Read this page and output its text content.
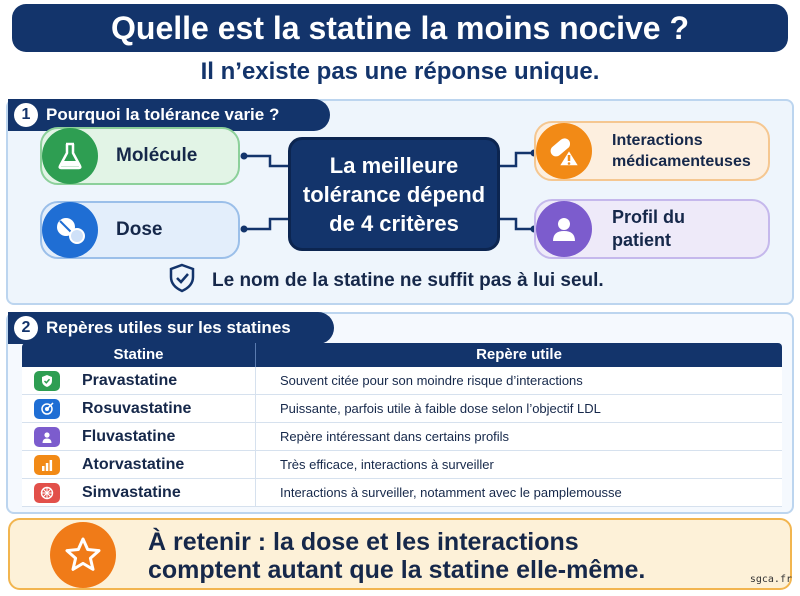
Quelle est la statine la moins nocive ?
Il n’existe pas une réponse unique.
1 Pourquoi la tolérance varie ?
Molécule
Dose
La meilleure tolérance dépend de 4 critères
Interactions médicamenteuses
Profil du patient
Le nom de la statine ne suffit pas à lui seul.
2 Repères utiles sur les statines
Statine	Repère utile
Pravastatine	Souvent citée pour son moindre risque d’interactions
Rosuvastatine	Puissante, parfois utile à faible dose selon l’objectif LDL
Fluvastatine	Repère intéressant dans certains profils
Atorvastatine	Très efficace, interactions à surveiller
Simvastatine	Interactions à surveiller, notamment avec le pamplemousse
À retenir : la dose et les interactions
comptent autant que la statine elle-même.	sgca.fr
